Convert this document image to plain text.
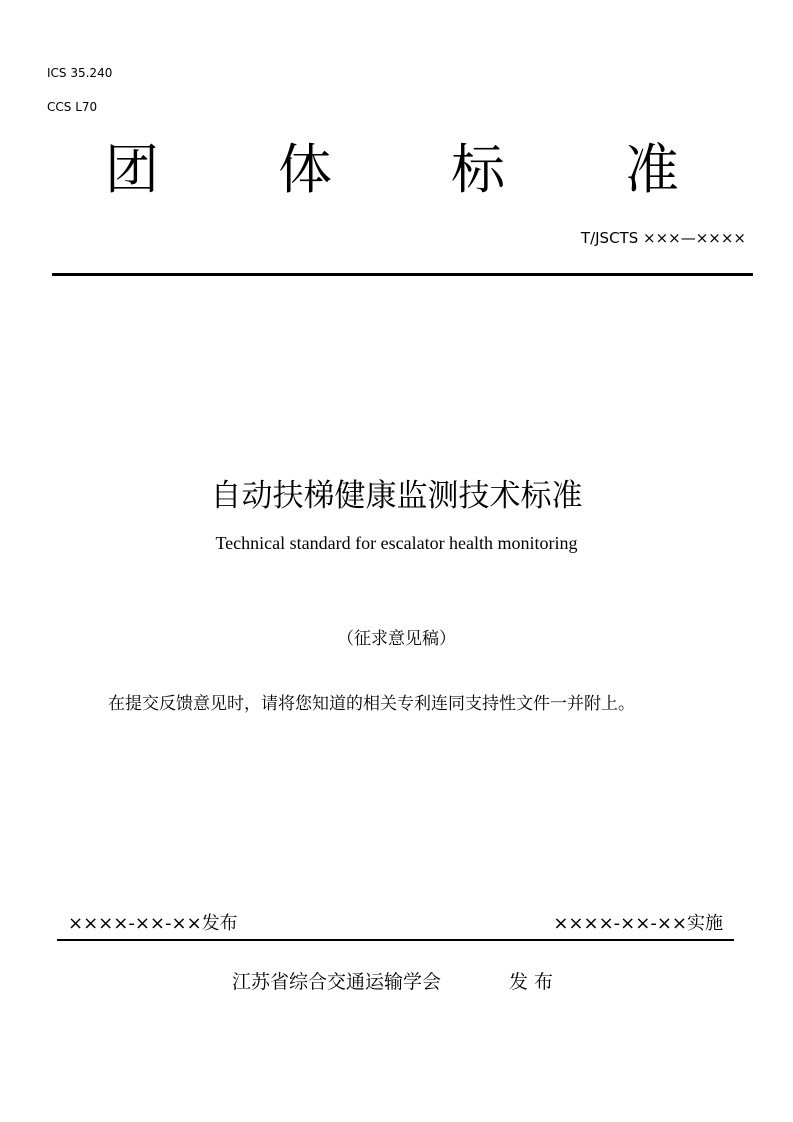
ICS 35.240
CCS L70
团 体 标 准
T/JSCTS ×××—××××
自动扶梯健康监测技术标准
Technical standard for escalator health monitoring
（征求意见稿）
在提交反馈意见时，请将您知道的相关专利连同支持性文件一并附上。
××××-××-××发布	××××-××-××实施
江苏省综合交通运输学会	发 布
